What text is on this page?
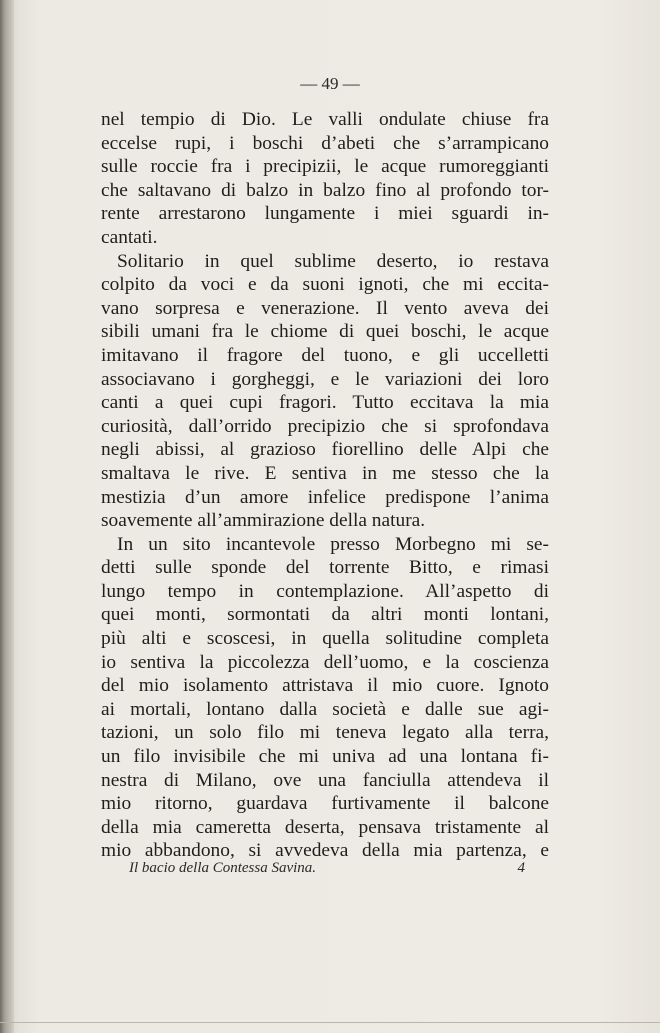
— 49 —
nel tempio di Dio. Le valli ondulate chiuse fra
eccelse rupi, i boschi d’abeti che s’arrampicano
sulle roccie fra i precipizii, le acque rumoreggianti
che saltavano di balzo in balzo fino al profondo tor-
rente arrestarono lungamente i miei sguardi in-
cantati.
Solitario in quel sublime deserto, io restava
colpito da voci e da suoni ignoti, che mi eccita-
vano sorpresa e venerazione. Il vento aveva dei
sibili umani fra le chiome di quei boschi, le acque
imitavano il fragore del tuono, e gli uccelletti
associavano i gorgheggi, e le variazioni dei loro
canti a quei cupi fragori. Tutto eccitava la mia
curiosità, dall’orrido precipizio che si sprofondava
negli abissi, al grazioso fiorellino delle Alpi che
smaltava le rive. E sentiva in me stesso che la
mestizia d’un amore infelice predispone l’anima
soavemente all’ammirazione della natura.
In un sito incantevole presso Morbegno mi se-
detti sulle sponde del torrente Bitto, e rimasi
lungo tempo in contemplazione. All’aspetto di
quei monti, sormontati da altri monti lontani,
più alti e scoscesi, in quella solitudine completa
io sentiva la piccolezza dell’uomo, e la coscienza
del mio isolamento attristava il mio cuore. Ignoto
ai mortali, lontano dalla società e dalle sue agi-
tazioni, un solo filo mi teneva legato alla terra,
un filo invisibile che mi univa ad una lontana fi-
nestra di Milano, ove una fanciulla attendeva il
mio ritorno, guardava furtivamente il balcone
della mia cameretta deserta, pensava tristamente al
mio abbandono, si avvedeva della mia partenza, e
Il bacio della Contessa Savina.	4
